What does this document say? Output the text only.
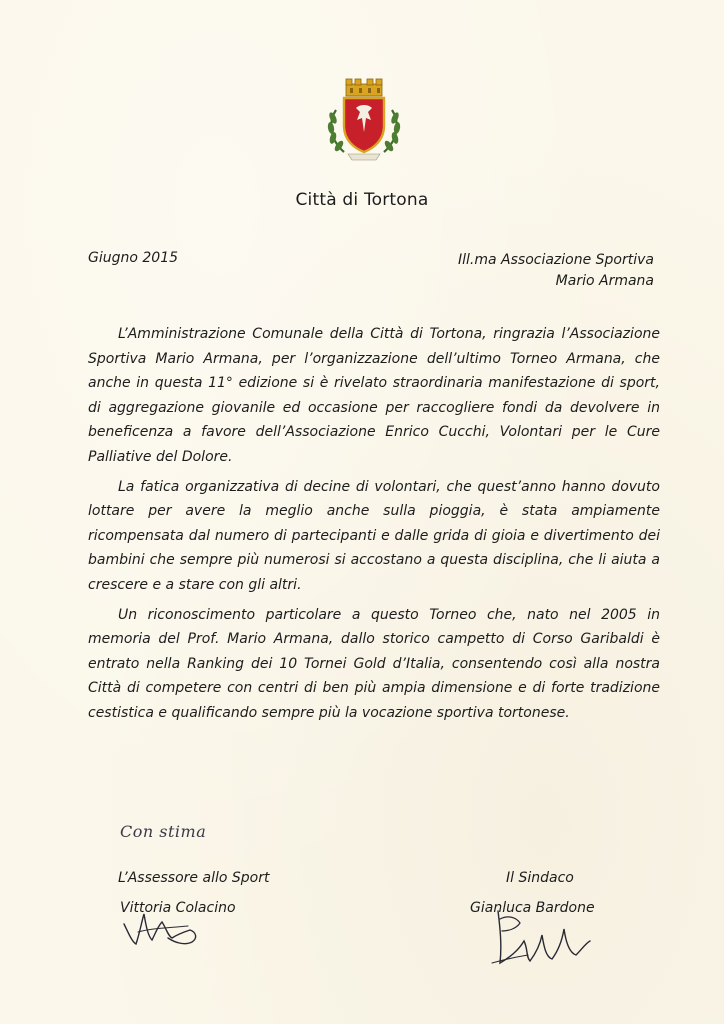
Città di Tortona
Giugno 2015	Ill.ma Associazione Sportiva
Mario Armana

L’Amministrazione Comunale della Città di Tortona, ringrazia l’Associazione Sportiva Mario Armana, per l’organizzazione dell’ultimo Torneo Armana, che anche in questa 11° edizione si è rivelato straordinaria manifestazione di sport, di aggregazione giovanile ed occasione per raccogliere fondi da devolvere in beneficenza a favore dell’Associazione Enrico Cucchi, Volontari per le Cure Palliative del Dolore.

La fatica organizzativa di decine di volontari, che quest’anno hanno dovuto lottare per avere la meglio anche sulla pioggia, è stata ampiamente ricompensata dal numero di partecipanti e dalle grida di gioia e divertimento dei bambini che sempre più numerosi si accostano a questa disciplina, che li aiuta a crescere e a stare con gli altri.

Un riconoscimento particolare a questo Torneo che, nato nel 2005 in memoria del Prof. Mario Armana, dallo storico campetto di Corso Garibaldi è entrato nella Ranking dei 10 Tornei Gold d’Italia, consentendo così alla nostra Città di competere con centri di ben più ampia dimensione e di forte tradizione cestistica e qualificando sempre più la vocazione sportiva tortonese.

Con stima
L’Assessore allo Sport
Vittoria Colacino
Il Sindaco
Gianluca Bardone
